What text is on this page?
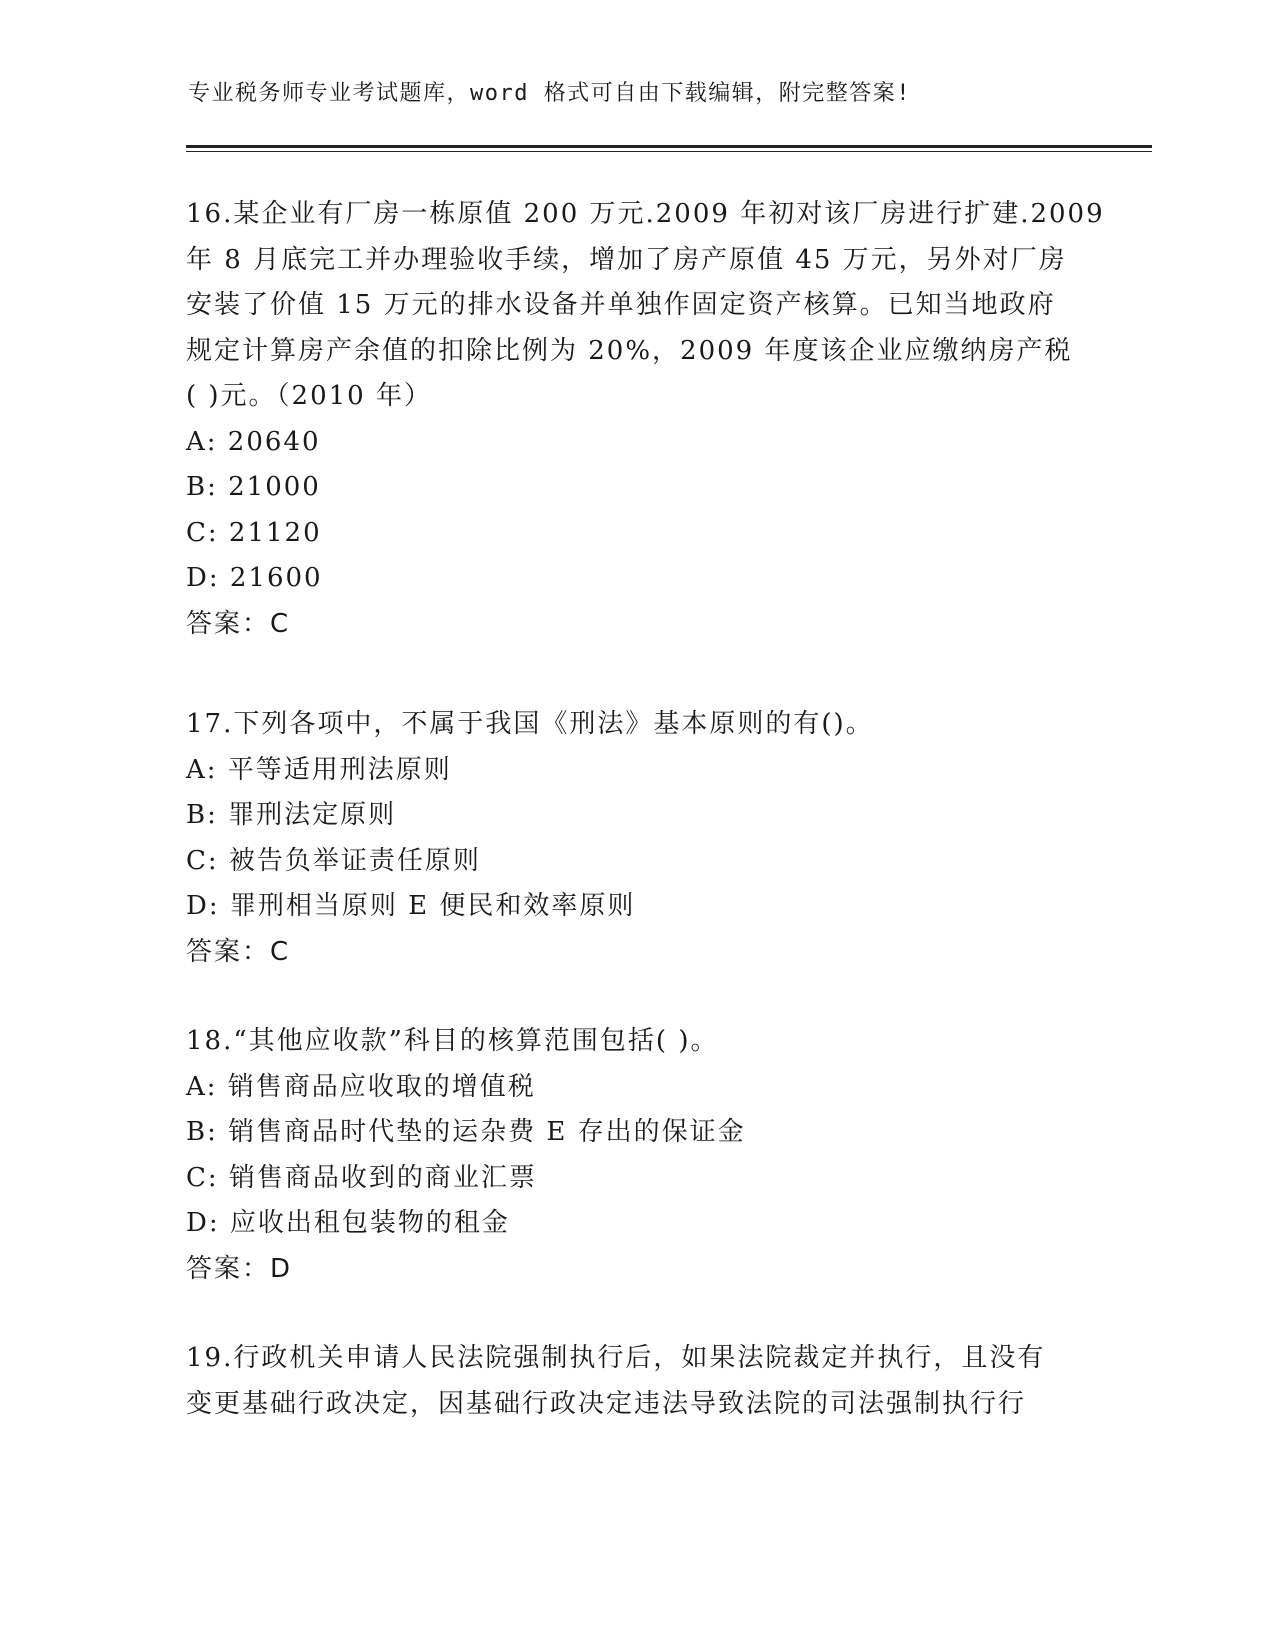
专业税务师专业考试题库，word 格式可自由下载编辑，附完整答案!
16.某企业有厂房一栋原值 200 万元.2009 年初对该厂房进行扩建.2009
年 8 月底完工并办理验收手续，增加了房产原值 45 万元，另外对厂房
安装了价值 15 万元的排水设备并单独作固定资产核算。已知当地政府
规定计算房产余值的扣除比例为 20%，2009 年度该企业应缴纳房产税
( )元。（2010 年）
A: 20640
B: 21000
C: 21120
D: 21600
答案：C
17.下列各项中，不属于我国《刑法》基本原则的有()。
A: 平等适用刑法原则
B: 罪刑法定原则
C: 被告负举证责任原则
D: 罪刑相当原则 E 便民和效率原则
答案：C
18.“其他应收款”科目的核算范围包括( )。
A: 销售商品应收取的增值税
B: 销售商品时代垫的运杂费 E 存出的保证金
C: 销售商品收到的商业汇票
D: 应收出租包装物的租金
答案：D
19.行政机关申请人民法院强制执行后，如果法院裁定并执行，且没有
变更基础行政决定，因基础行政决定违法导致法院的司法强制执行行
